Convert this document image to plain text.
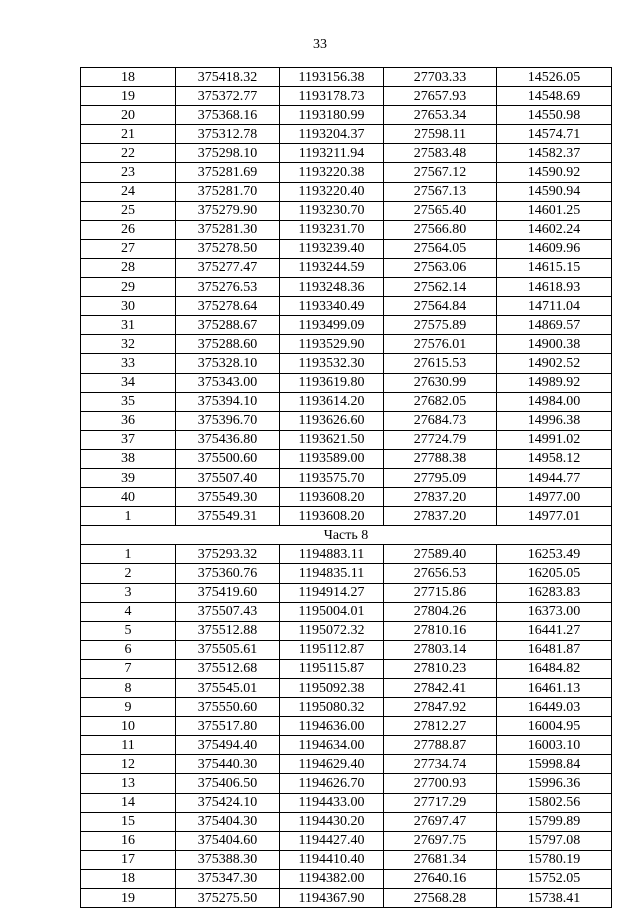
33
18	375418.32	1193156.38	27703.33	14526.05
19	375372.77	1193178.73	27657.93	14548.69
20	375368.16	1193180.99	27653.34	14550.98
21	375312.78	1193204.37	27598.11	14574.71
22	375298.10	1193211.94	27583.48	14582.37
23	375281.69	1193220.38	27567.12	14590.92
24	375281.70	1193220.40	27567.13	14590.94
25	375279.90	1193230.70	27565.40	14601.25
26	375281.30	1193231.70	27566.80	14602.24
27	375278.50	1193239.40	27564.05	14609.96
28	375277.47	1193244.59	27563.06	14615.15
29	375276.53	1193248.36	27562.14	14618.93
30	375278.64	1193340.49	27564.84	14711.04
31	375288.67	1193499.09	27575.89	14869.57
32	375288.60	1193529.90	27576.01	14900.38
33	375328.10	1193532.30	27615.53	14902.52
34	375343.00	1193619.80	27630.99	14989.92
35	375394.10	1193614.20	27682.05	14984.00
36	375396.70	1193626.60	27684.73	14996.38
37	375436.80	1193621.50	27724.79	14991.02
38	375500.60	1193589.00	27788.38	14958.12
39	375507.40	1193575.70	27795.09	14944.77
40	375549.30	1193608.20	27837.20	14977.00
1	375549.31	1193608.20	27837.20	14977.01
Часть 8				
1	375293.32	1194883.11	27589.40	16253.49
2	375360.76	1194835.11	27656.53	16205.05
3	375419.60	1194914.27	27715.86	16283.83
4	375507.43	1195004.01	27804.26	16373.00
5	375512.88	1195072.32	27810.16	16441.27
6	375505.61	1195112.87	27803.14	16481.87
7	375512.68	1195115.87	27810.23	16484.82
8	375545.01	1195092.38	27842.41	16461.13
9	375550.60	1195080.32	27847.92	16449.03
10	375517.80	1194636.00	27812.27	16004.95
11	375494.40	1194634.00	27788.87	16003.10
12	375440.30	1194629.40	27734.74	15998.84
13	375406.50	1194626.70	27700.93	15996.36
14	375424.10	1194433.00	27717.29	15802.56
15	375404.30	1194430.20	27697.47	15799.89
16	375404.60	1194427.40	27697.75	15797.08
17	375388.30	1194410.40	27681.34	15780.19
18	375347.30	1194382.00	27640.16	15752.05
19	375275.50	1194367.90	27568.28	15738.41
